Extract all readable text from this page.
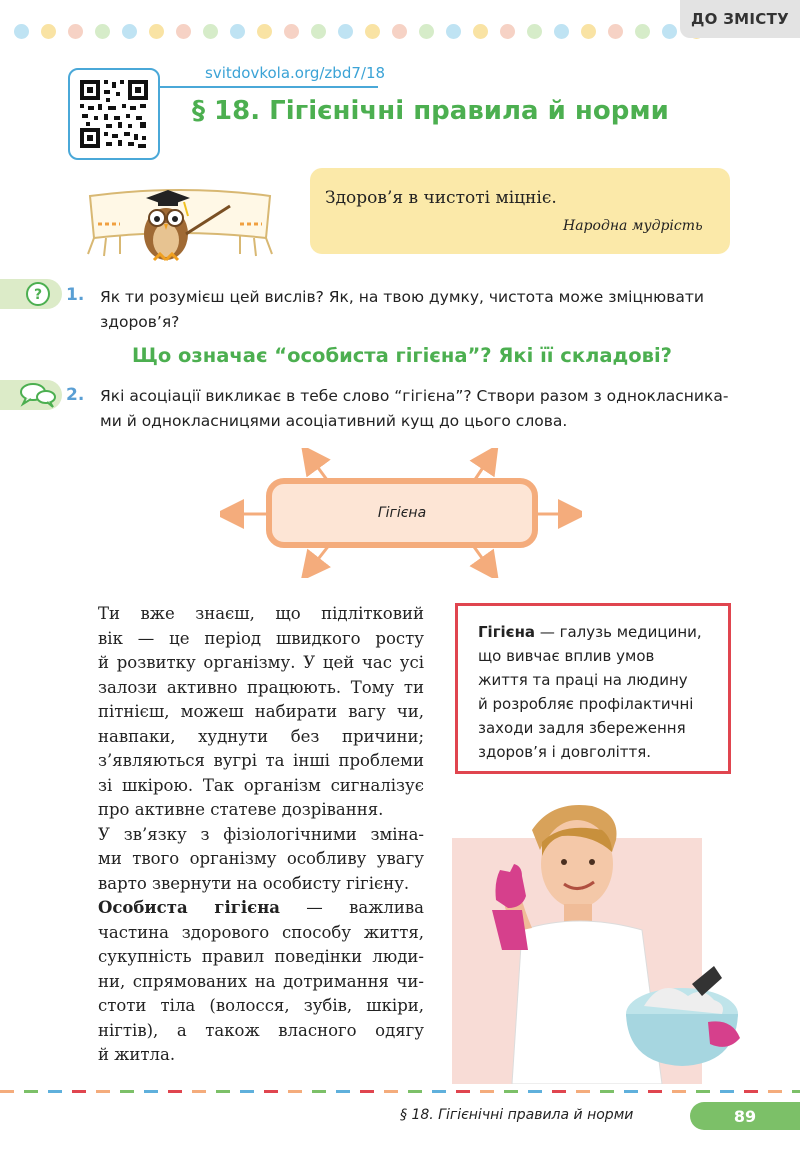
ДО ЗМІСТУ
svitdovkola.org/zbd7/18
§ 18. Гігієнічні правила й норми
Здоров’я в чистоті міцніє.
Народна мудрість
? 1. Як ти розумієш цей вислів? Як, на твою думку, чистота може зміцнювати
здоров’я?
Що означає “особиста гігієна”? Які її складові?
2. Які асоціації викликає в тебе слово “гігієна”? Створи разом з однокласника-
ми й однокласницями асоціативний кущ до цього слова.
Гігієна
Ти вже знаєш, що підлітковий
вік — це період швидкого росту
й розвитку організму. У цей час усі
залози активно працюють. Тому ти
пітнієш, можеш набирати вагу чи,
навпаки, худнути без причини;
з’являються вугрі та інші проблеми
зі шкірою. Так організм сигналізує
про активне статеве дозрівання.
У зв’язку з фізіологічними зміна-
ми твого організму особливу увагу
варто звернути на особисту гігієну.
Особиста гігієна — важлива
частина здорового способу життя,
сукупність правил поведінки люди-
ни, спрямованих на дотримання чи-
стоти тіла (волосся, зубів, шкіри,
нігтів), а також власного одягу
й житла.
Гігієна — галузь медицини,
що вивчає вплив умов
життя та праці на людину
й розробляє профілактичні
заходи задля збереження
здоров’я і довголіття.
§ 18. Гігієнічні правила й норми	89
